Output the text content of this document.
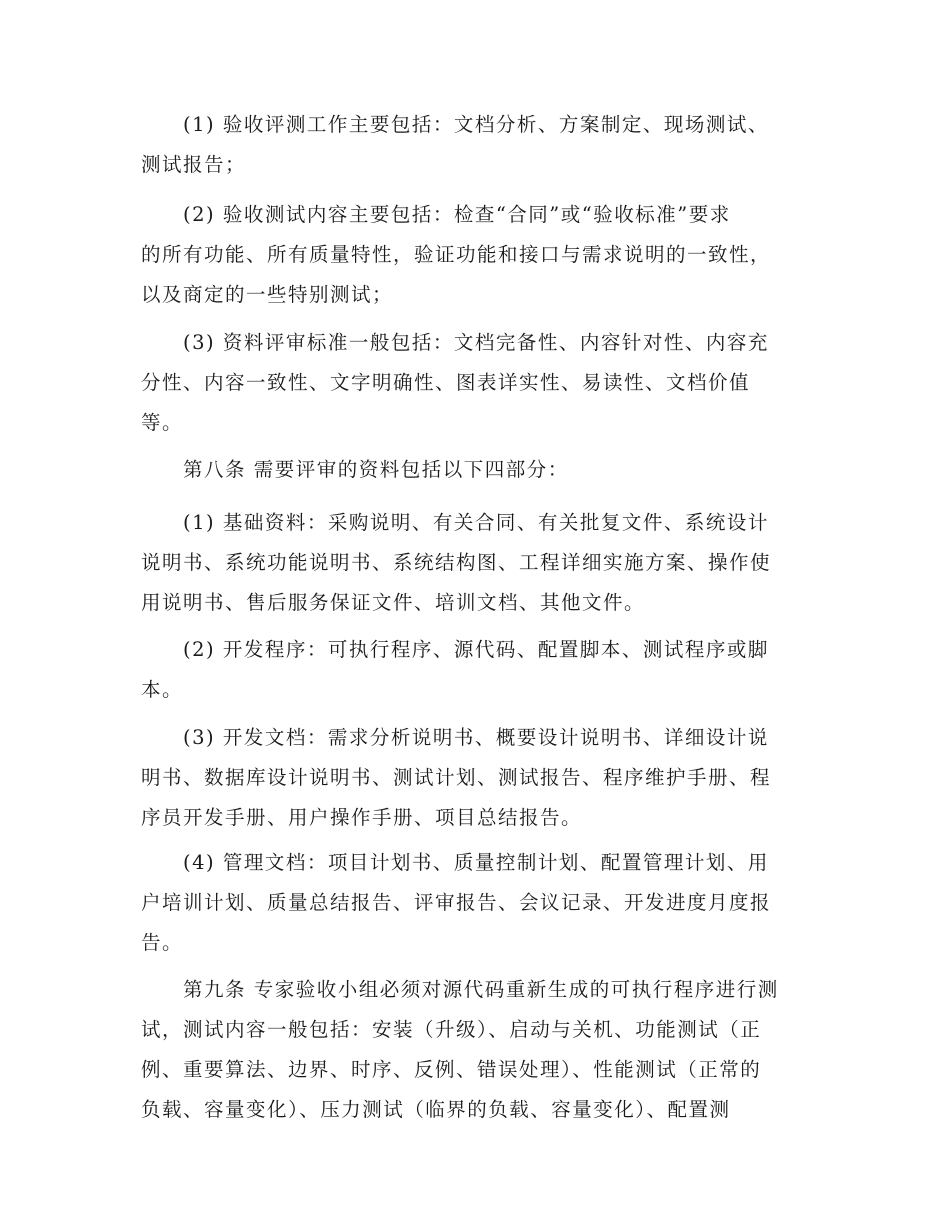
　　(1) 验收评测工作主要包括：文档分析、方案制定、现场测试、
测试报告；
　　(2) 验收测试内容主要包括：检查“合同”或“验收标准”要求
的所有功能、所有质量特性，验证功能和接口与需求说明的一致性，
以及商定的一些特别测试；
　　(3) 资料评审标准一般包括：文档完备性、内容针对性、内容充
分性、内容一致性、文字明确性、图表详实性、易读性、文档价值
等。
　　第八条 需要评审的资料包括以下四部分：
　　(1) 基础资料：采购说明、有关合同、有关批复文件、系统设计
说明书、系统功能说明书、系统结构图、工程详细实施方案、操作使
用说明书、售后服务保证文件、培训文档、其他文件。
　　(2) 开发程序：可执行程序、源代码、配置脚本、测试程序或脚
本。
　　(3) 开发文档：需求分析说明书、概要设计说明书、详细设计说
明书、数据库设计说明书、测试计划、测试报告、程序维护手册、程
序员开发手册、用户操作手册、项目总结报告。
　　(4) 管理文档：项目计划书、质量控制计划、配置管理计划、用
户培训计划、质量总结报告、评审报告、会议记录、开发进度月度报
告。
　　第九条 专家验收小组必须对源代码重新生成的可执行程序进行测
试，测试内容一般包括：安装（升级）、启动与关机、功能测试（正
例、重要算法、边界、时序、反例、错误处理）、性能测试（正常的
负载、容量变化）、压力测试（临界的负载、容量变化）、配置测
